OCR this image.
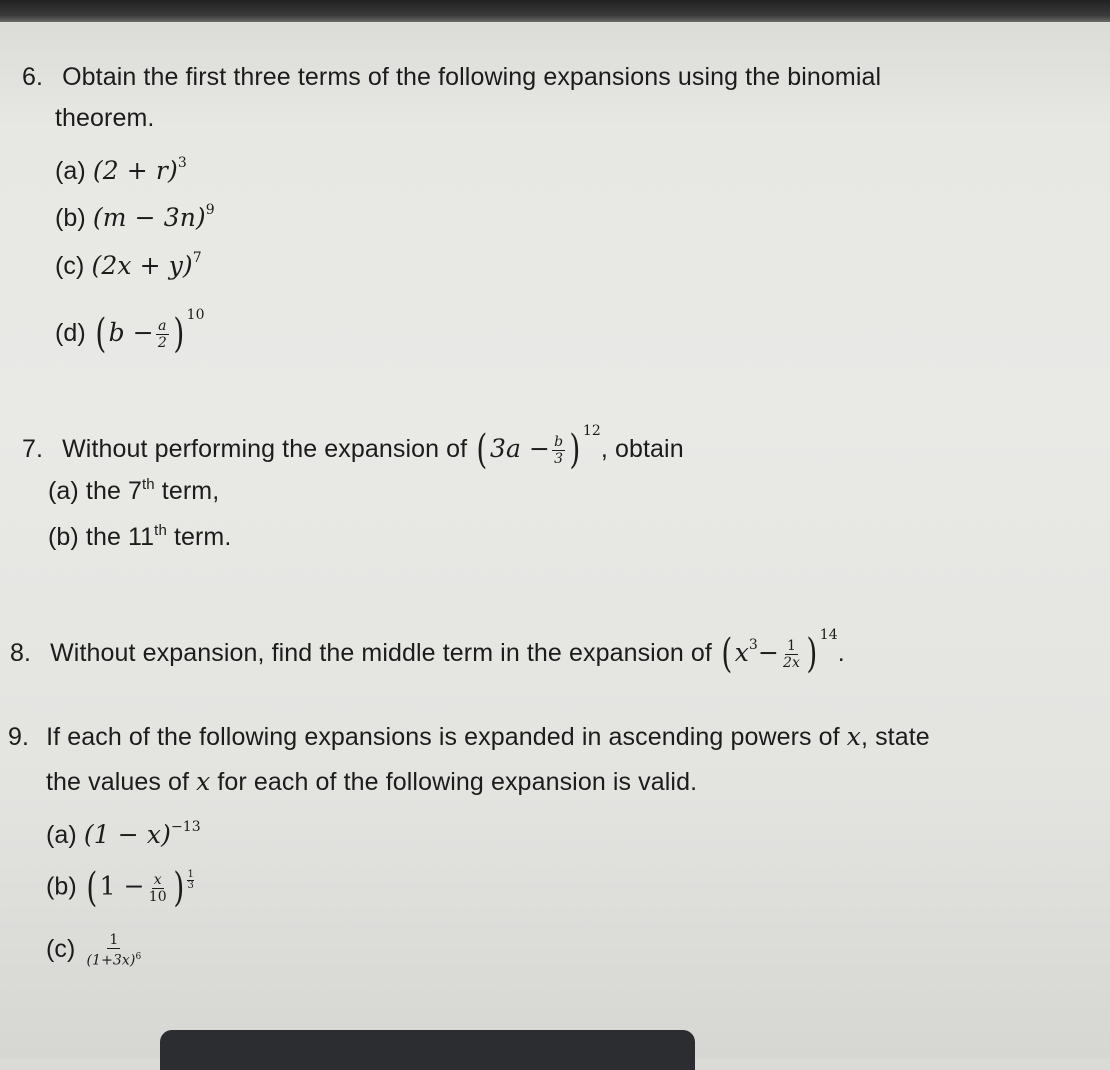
6. Obtain the first three terms of the following expansions using the binomial
theorem.
(a) $(2 + r)^3$
(b) $(m - 3n)^9$
(c) $(2x + y)^7$
(d) ($b - \frac{a}{2}$ ) $^{10}$
7. Without performing the expansion of ($3a - \frac{b}{3}$ ) $^{12}$, obtain
(a) the 7th term,
(b) the 11th term.
8. Without expansion, find the middle term in the expansion of ($x^3- \frac{1}{2x}$ ) $^{14}$.
9. If each of the following expansions is expanded in ascending powers of x, state
the values of x for each of the following expansion is valid.
(a) $(1 - x)^{-13}$
(b) ($1 - \frac{x}{10}$ ) $\frac{1}{3}$
$(c) \frac{1}{(1+3x)^6}$
